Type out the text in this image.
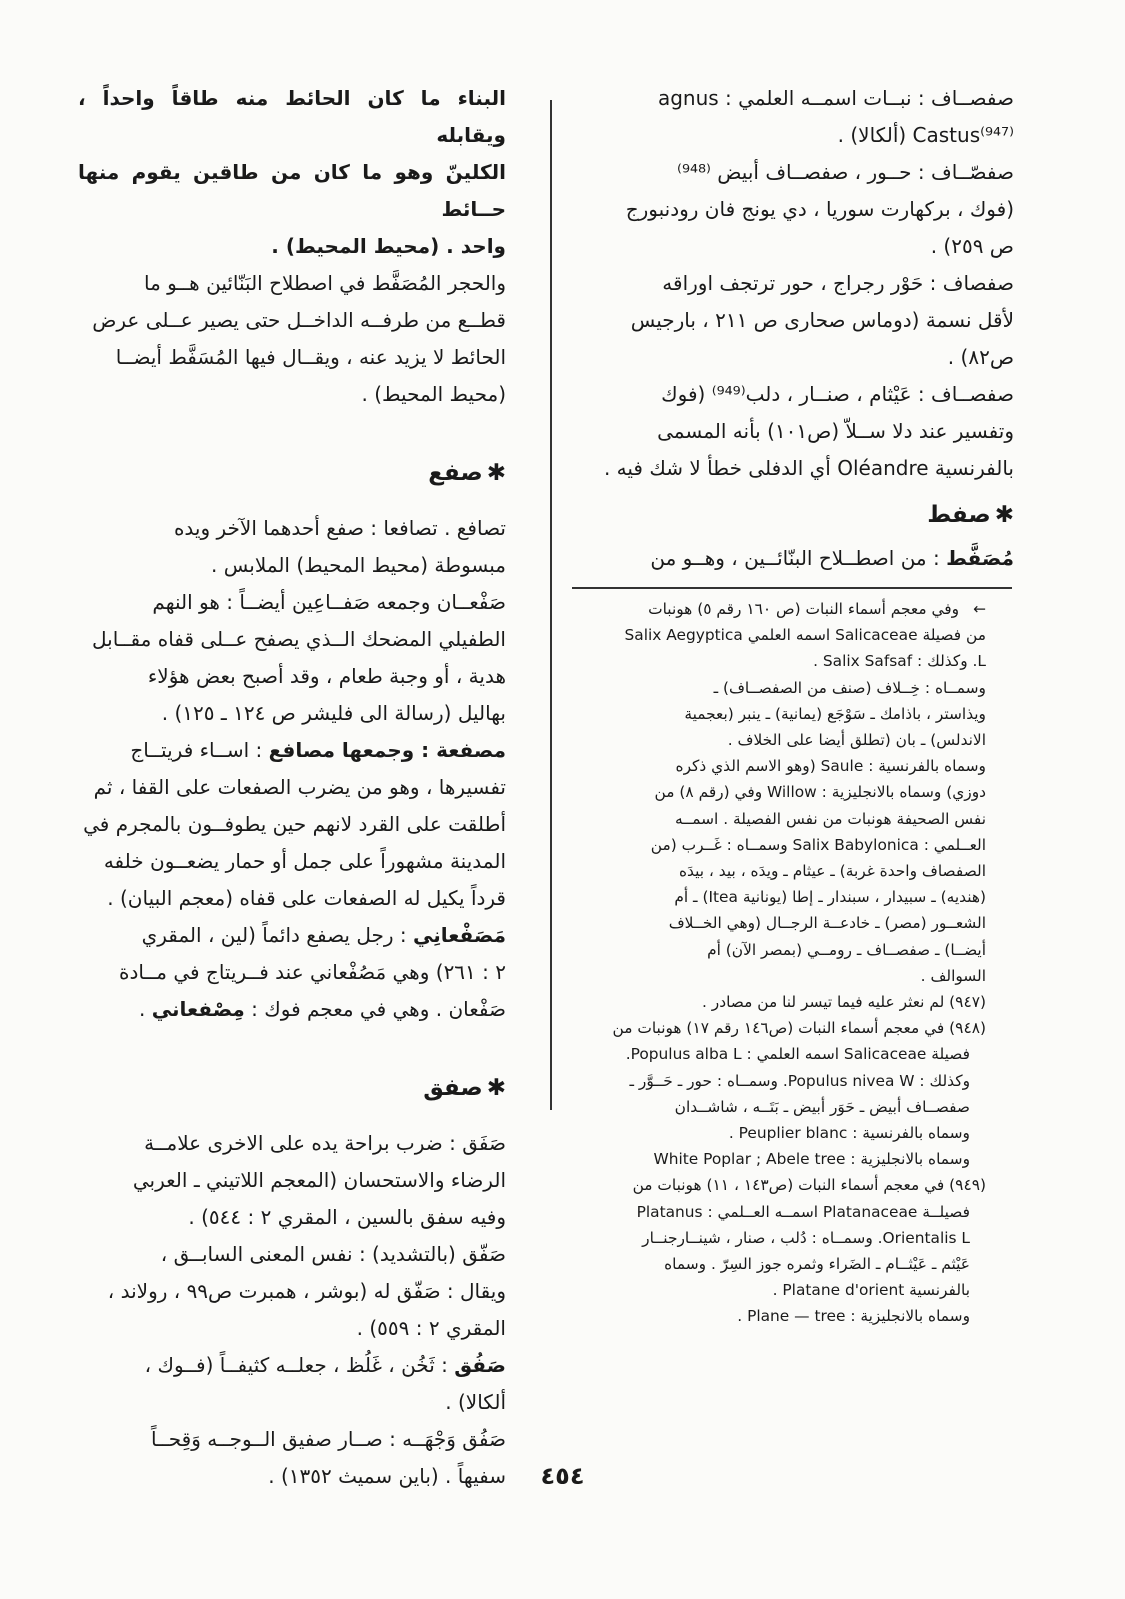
صفصــاف : نبــات اسمــه العلمي : agnus

Castus⁽⁹⁴⁷⁾ (ألكالا) .

صفصّــاف : حــور ، صفصــاف أبيض ⁽⁹⁴⁸⁾

(فوك ، بركهارت سوريا ، دي يونج فان رودنبورج

ص ٢٥٩) .

صفصاف : حَوْر رجراج ، حور ترتجف اوراقه

لأقل نسمة (دوماس صحارى ص ٢١١ ، بارجيس

ص٨٢) .

صفصــاف : عَيْثام ، صنــار ، دلب⁽⁹⁴⁹⁾ (فوك

وتفسير عند دلا ســلاّ (ص١٠١) بأنه المسمى

بالفرنسية Oléandre أي الدفلى خطأ لا شك فيه .

✱صفط

مُصَفَّط : من اصطــلاح البنّائــين ، وهــو من

←وفي معجم أسماء النبات (ص ١٦٠ رقم ٥) هونبات

من فصيلة Salicaceae اسمه العلمي Salix Aegyptica

L. وكذلك : Salix Safsaf .

وسمــاه : خِــلاف (صنف من الصفصــاف) ـ

ويذاستر ، باذامك ـ سَوْجَع (يمانية) ـ ينبر (بعجمية

الاندلس) ـ بان (تطلق أيضا على الخلاف .

وسماه بالفرنسية : Saule (وهو الاسم الذي ذكره

دوزي) وسماه بالانجليزية : Willow وفي (رقم ٨) من

نفس الصحيفة هونبات من نفس الفصيلة . اسمــه

العــلمي : Salix Babylonica وسمــاه : غَــرب (من

الصفصاف واحدة غربة) ـ عيثام ـ ويدَه ، بيد ، بيدَه

(هنديه) ـ سبيدار ، سبندار ـ إطا (يونانية Itea) ـ أم

الشعــور (مصر) ـ خادعــة الرجــال (وهي الخــلاف

أيضــا) ـ صفصــاف ـ رومــي (بمصر الآن) أم

السوالف .

(٩٤٧) لم نعثر عليه فيما تيسر لنا من مصادر .

(٩٤٨) في معجم أسماء النبات (ص١٤٦ رقم ١٧) هونبات من

فصيلة Salicaceae اسمه العلمي : Populus alba L.

وكذلك : Populus nivea W. وسمــاه : حور ـ حَــوَّر ـ

صفصــاف أبيض ـ حَوَر أبيض ـ بَتَــه ، شاشــدان

وسماه بالفرنسية : Peuplier blanc .

وسماه بالانجليزية : White Poplar ; Abele tree

(٩٤٩) في معجم أسماء النبات (ص١٤٣ ، ١١) هونبات من

فصيلــة Platanaceae اسمــه العــلمي : Platanus

Orientalis L. وسمــاه : دُلب ، صنار ، شينــارجنــار

عَيْثم ـ عَيْثــام ـ الضَراء وثمره جوز السِرّ . وسماه

بالفرنسية Platane d'orient .

وسماه بالانجليزية : Plane — tree .

البناء ما كان الحائط منه طاقاً واحداً ، ويقابله

الكلينّ وهو ما كان من طاقين يقوم منها حــائط

واحد . (محيط المحيط) .

والحجر المُصَفَّط في اصطلاح البَنّائين هــو ما

قطــع من طرفــه الداخــل حتى يصير عــلى عرض

الحائط لا يزيد عنه ، ويقــال فيها المُسَفَّط أيضــا

(محيط المحيط) .

✱صفع

تصافع . تصافعا : صفع أحدهما الآخر ويده

مبسوطة (محيط المحيط) الملابس .

صَفْعــان وجمعه صَفــاعِين أيضــاً : هو النهم

الطفيلي المضحك الــذي يصفح عــلى قفاه مقــابل

هدية ، أو وجبة طعام ، وقد أصبح بعض هؤلاء

بهاليل (رسالة الى فليشر ص ١٢٤ ـ ١٢٥) .

مصفعة : وجمعها مصافع : اســاء فريتــاج

تفسيرها ، وهو من يضرب الصفعات على القفا ، ثم

أطلقت على القرد لانهم حين يطوفــون بالمجرم في

المدينة مشهوراً على جمل أو حمار يضعــون خلفه

قرداً يكيل له الصفعات على قفاه (معجم البيان) .

مَصَفْعانِي : رجل يصفع دائماً (لين ، المقري

٢ : ٢٦١) وهي مَصُفْعاني عند فــريتاج في مــادة

صَفْعان . وهي في معجم فوك : مِصْفعاني .

✱صفق

صَفَق : ضرب براحة يده على الاخرى علامــة

الرضاء والاستحسان (المعجم اللاتيني ـ العربي

وفيه سفق بالسين ، المقري ٢ : ٥٤٤) .

صَفّق (بالتشديد) : نفس المعنى السابــق ،

ويقال : صَفّق له (بوشر ، همبرت ص٩٩ ، رولاند ،

المقري ٢ : ٥٥٩) .

صَفُق : ثَخُن ، غَلُظ ، جعلــه كثيفــاً (فــوك ،

ألكالا) .

صَفُق وَجْهَــه : صــار صفيق الــوجــه وَقِحــاً

سفيهاً . (باين سميث ١٣٥٢) .	٤٥٤
